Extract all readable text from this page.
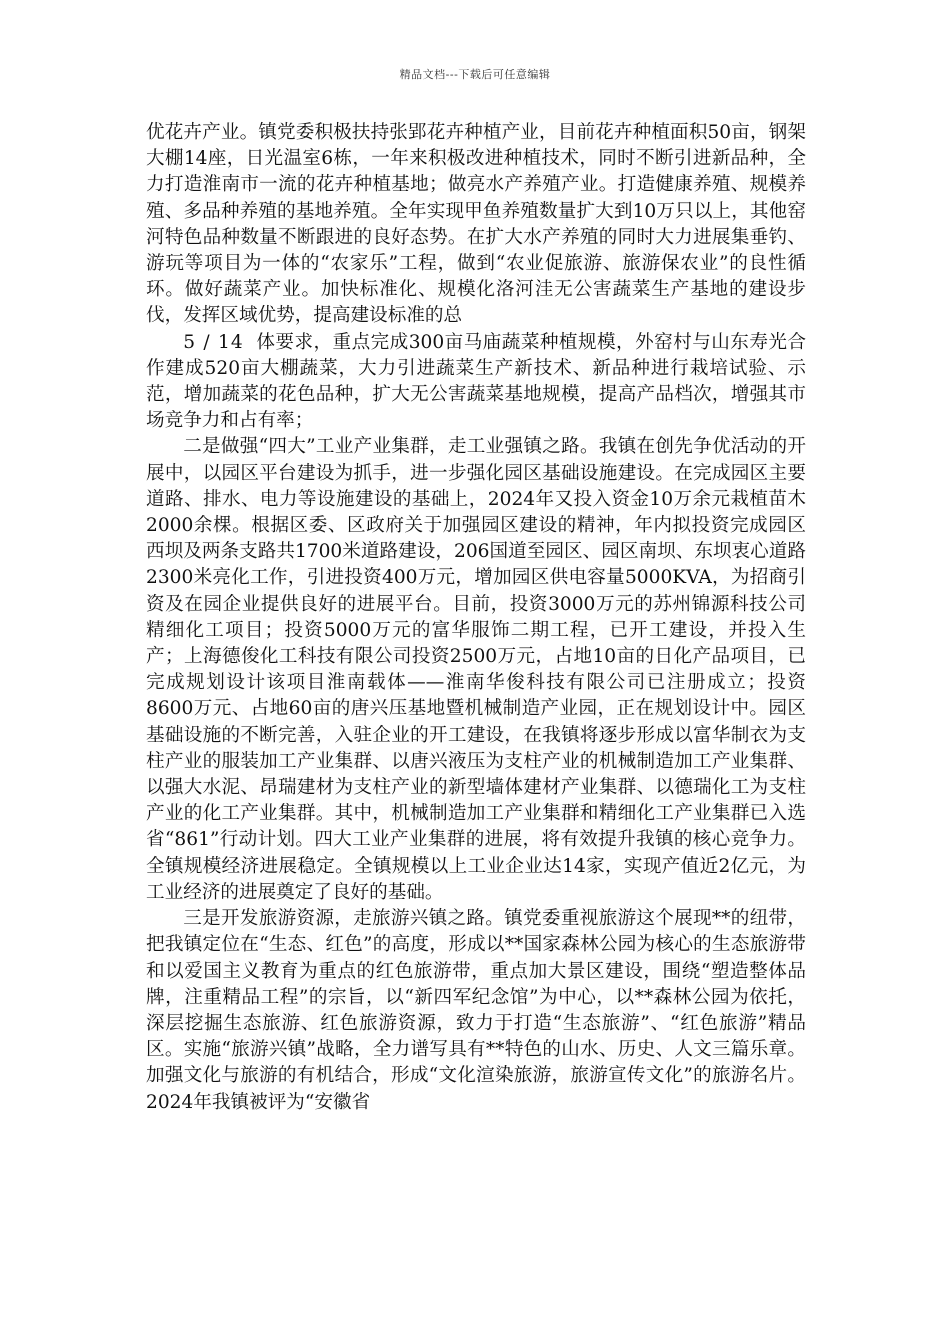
精品文档---下载后可任意编辑

优花卉产业。镇党委积极扶持张郢花卉种植产业，目前花卉种植面积50亩，钢架大棚14座，日光温室6栋，一年来积极改进种植技术，同时不断引进新品种，全力打造淮南市一流的花卉种植基地；做亮水产养殖产业。打造健康养殖、规模养殖、多品种养殖的基地养殖。全年实现甲鱼养殖数量扩大到10万只以上，其他窑河特色品种数量不断跟进的良好态势。在扩大水产养殖的同时大力进展集垂钓、游玩等项目为一体的“农家乐”工程，做到“农业促旅游、旅游保农业”的良性循环。做好蔬菜产业。加快标准化、规模化洛河洼无公害蔬菜生产基地的建设步伐，发挥区域优势，提高建设标准的总

5 / 14 体要求，重点完成300亩马庙蔬菜种植规模，外窑村与山东寿光合作建成520亩大棚蔬菜，大力引进蔬菜生产新技术、新品种进行栽培试验、示范，增加蔬菜的花色品种，扩大无公害蔬菜基地规模，提高产品档次，增强其市场竞争力和占有率；

二是做强“四大”工业产业集群，走工业强镇之路。我镇在创先争优活动的开展中，以园区平台建设为抓手，进一步强化园区基础设施建设。在完成园区主要道路、排水、电力等设施建设的基础上，2024年又投入资金10万余元栽植苗木2000余棵。根据区委、区政府关于加强园区建设的精神，年内拟投资完成园区西坝及两条支路共1700米道路建设，206国道至园区、园区南坝、东坝衷心道路2300米亮化工作，引进投资400万元，增加园区供电容量5000KVA，为招商引资及在园企业提供良好的进展平台。目前，投资3000万元的苏州锦源科技公司精细化工项目；投资5000万元的富华服饰二期工程，已开工建设，并投入生产；上海德俊化工科技有限公司投资2500万元，占地10亩的日化产品项目，已完成规划设计该项目淮南载体——淮南华俊科技有限公司已注册成立；投资8600万元、占地60亩的唐兴压基地暨机械制造产业园，正在规划设计中。园区基础设施的不断完善，入驻企业的开工建设，在我镇将逐步形成以富华制衣为支柱产业的服装加工产业集群、以唐兴液压为支柱产业的机械制造加工产业集群、以强大水泥、昂瑞建材为支柱产业的新型墙体建材产业集群、以德瑞化工为支柱产业的化工产业集群。其中，机械制造加工产业集群和精细化工产业集群已入选省“861”行动计划。四大工业产业集群的进展，将有效提升我镇的核心竞争力。全镇规模经济进展稳定。全镇规模以上工业企业达14家，实现产值近2亿元，为工业经济的进展奠定了良好的基础。

三是开发旅游资源，走旅游兴镇之路。镇党委重视旅游这个展现**的纽带，把我镇定位在“生态、红色”的高度，形成以**国家森林公园为核心的生态旅游带和以爱国主义教育为重点的红色旅游带，重点加大景区建设，围绕“塑造整体品牌，注重精品工程”的宗旨，以“新四军纪念馆”为中心，以**森林公园为依托，深层挖掘生态旅游、红色旅游资源，致力于打造“生态旅游”、“红色旅游”精品区。实施“旅游兴镇”战略，全力谱写具有**特色的山水、历史、人文三篇乐章。加强文化与旅游的有机结合，形成“文化渲染旅游，旅游宣传文化”的旅游名片。2024年我镇被评为“安徽省
